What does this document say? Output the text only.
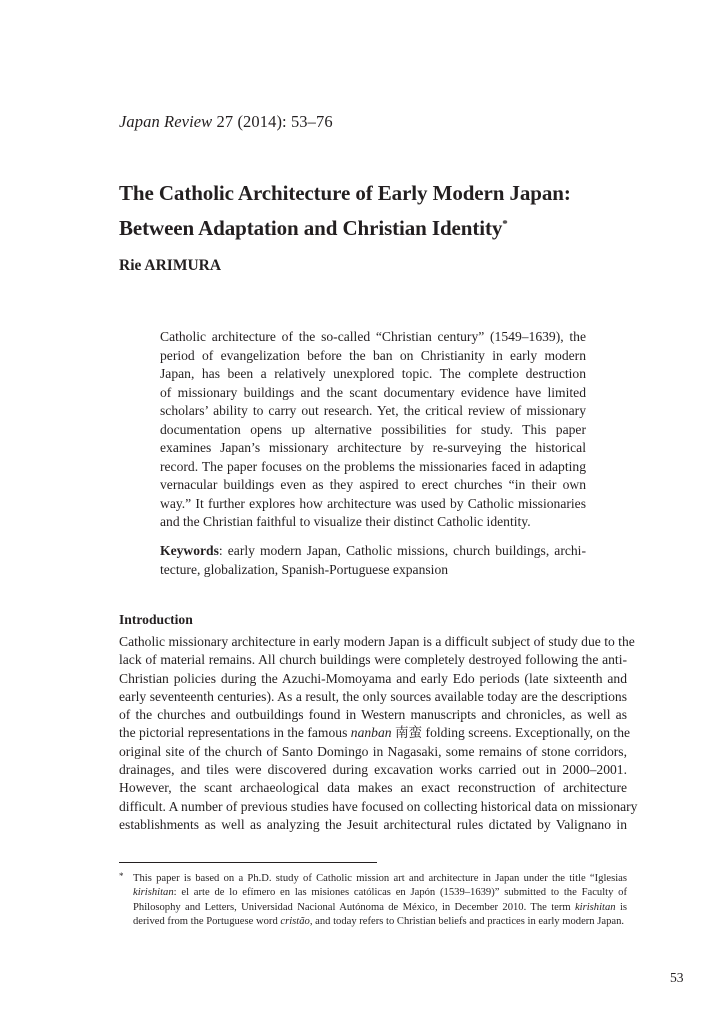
Japan Review 27 (2014): 53–76
The Catholic Architecture of Early Modern Japan:
Between Adaptation and Christian Identity*
Rie ARIMURA
Catholic architecture of the so-called “Christian century” (1549–1639), the
period of evangelization before the ban on Christianity in early modern
Japan, has been a relatively unexplored topic. The complete destruction
of missionary buildings and the scant documentary evidence have limited
scholars’ ability to carry out research. Yet, the critical review of missionary
documentation opens up alternative possibilities for study. This paper
examines Japan’s missionary architecture by re-surveying the historical
record. The paper focuses on the problems the missionaries faced in adapting
vernacular buildings even as they aspired to erect churches “in their own
way.” It further explores how architecture was used by Catholic missionaries
and the Christian faithful to visualize their distinct Catholic identity.
Keywords: early modern Japan, Catholic missions, church buildings, archi-
tecture, globalization, Spanish-Portuguese expansion
Introduction
Catholic missionary architecture in early modern Japan is a difficult subject of study due to the
lack of material remains. All church buildings were completely destroyed following the anti-
Christian policies during the Azuchi-Momoyama and early Edo periods (late sixteenth and
early seventeenth centuries). As a result, the only sources available today are the descriptions
of the churches and outbuildings found in Western manuscripts and chronicles, as well as
the pictorial representations in the famous nanban 南蛮 folding screens. Exceptionally, on the
original site of the church of Santo Domingo in Nagasaki, some remains of stone corridors,
drainages, and tiles were discovered during excavation works carried out in 2000–2001.
However, the scant archaeological data makes an exact reconstruction of architecture
difficult. A number of previous studies have focused on collecting historical data on missionary
establishments as well as analyzing the Jesuit architectural rules dictated by Valignano in
* This paper is based on a Ph.D. study of Catholic mission art and architecture in Japan under the title “Iglesias
kirishitan: el arte de lo efímero en las misiones católicas en Japón (1539–1639)” submitted to the Faculty of
Philosophy and Letters, Universidad Nacional Autónoma de México, in December 2010. The term kirishitan is
derived from the Portuguese word cristão, and today refers to Christian beliefs and practices in early modern Japan.
53
